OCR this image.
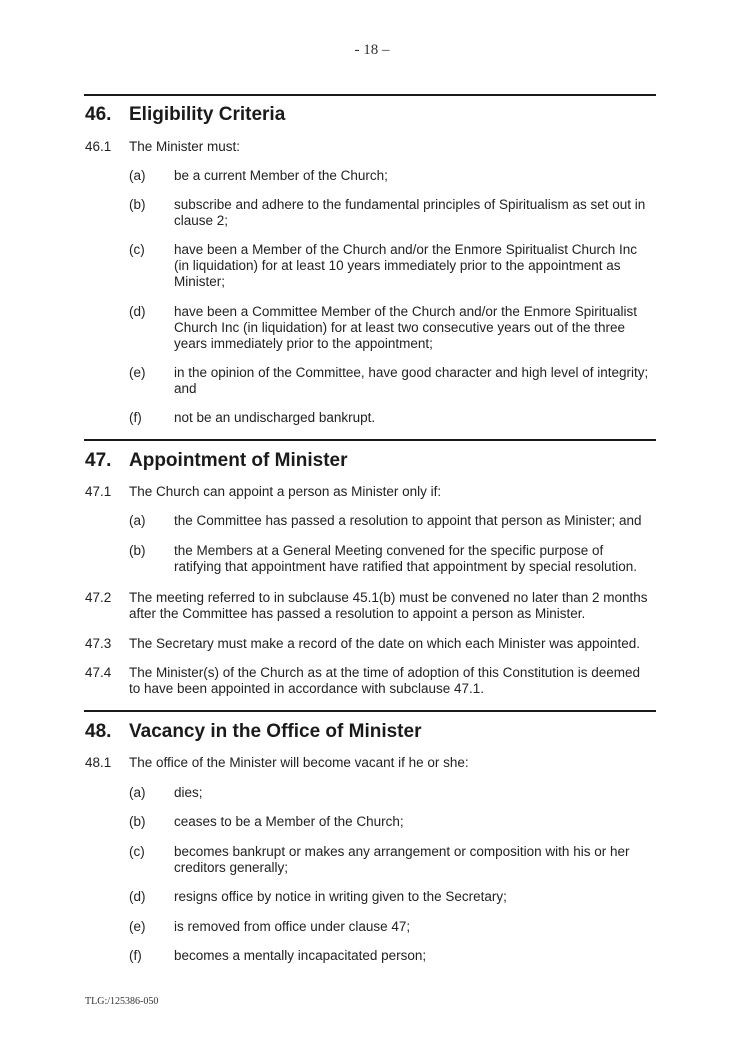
- 18 –
46. Eligibility Criteria
46.1 The Minister must:
(a) be a current Member of the Church;
(b) subscribe and adhere to the fundamental principles of Spiritualism as set out in clause 2;
(c) have been a Member of the Church and/or the Enmore Spiritualist Church Inc (in liquidation) for at least 10 years immediately prior to the appointment as Minister;
(d) have been a Committee Member of the Church and/or the Enmore Spiritualist Church Inc (in liquidation) for at least two consecutive years out of the three years immediately prior to the appointment;
(e) in the opinion of the Committee, have good character and high level of integrity; and
(f) not be an undischarged bankrupt.
47. Appointment of Minister
47.1 The Church can appoint a person as Minister only if:
(a) the Committee has passed a resolution to appoint that person as Minister; and
(b) the Members at a General Meeting convened for the specific purpose of ratifying that appointment have ratified that appointment by special resolution.
47.2 The meeting referred to in subclause 45.1(b) must be convened no later than 2 months after the Committee has passed a resolution to appoint a person as Minister.
47.3 The Secretary must make a record of the date on which each Minister was appointed.
47.4 The Minister(s) of the Church as at the time of adoption of this Constitution is deemed to have been appointed in accordance with subclause 47.1.
48. Vacancy in the Office of Minister
48.1 The office of the Minister will become vacant if he or she:
(a) dies;
(b) ceases to be a Member of the Church;
(c) becomes bankrupt or makes any arrangement or composition with his or her creditors generally;
(d) resigns office by notice in writing given to the Secretary;
(e) is removed from office under clause 47;
(f) becomes a mentally incapacitated person;
TLG:/125386-050
